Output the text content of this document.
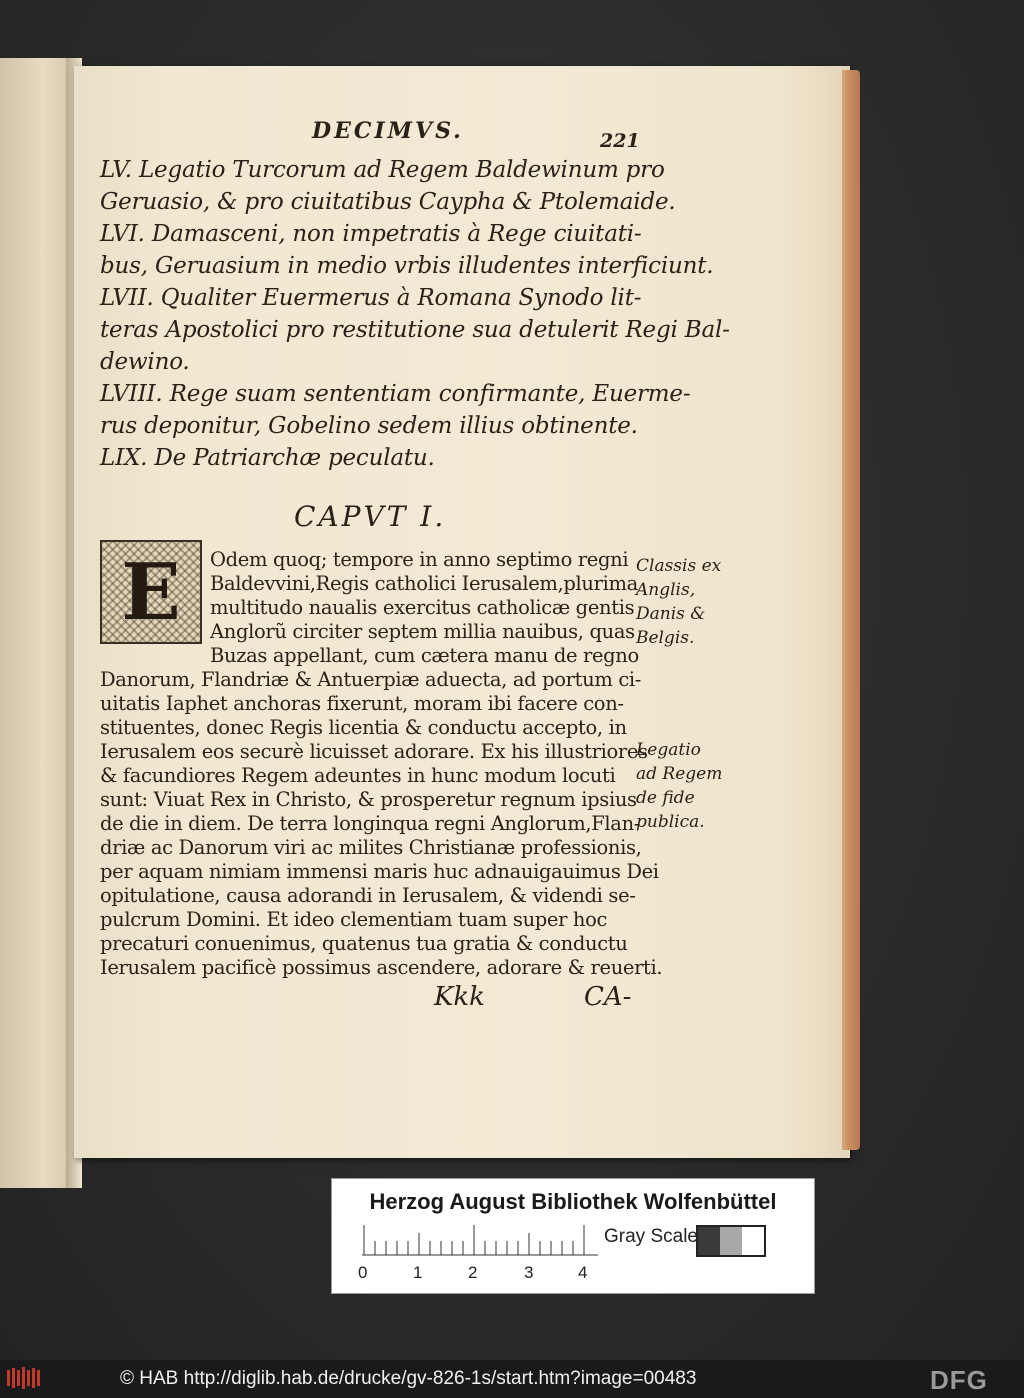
DECIMVS.	221
LV. Legatio Turcorum ad Regem Baldewinum pro
Geruasio, & pro ciuitatibus Caypha & Ptolemaide.
LVI. Damasceni, non impetratis à Rege ciuitati-
bus, Geruasium in medio vrbis illudentes interficiunt.
LVII. Qualiter Euermerus à Romana Synodo lit-
teras Apostolici pro restitutione sua detulerit Regi Bal-
dewino.
LVIII. Rege suam sententiam confirmante, Euerme-
rus deponitur, Gobelino sedem illius obtinente.
LIX. De Patriarchæ peculatu.
CAPVT I.
E	Odem quoq; tempore in anno septimo regni
Baldevvini,Regis catholici Ierusalem,plurima
multitudo naualis exercitus catholicæ gentis
Anglorũ circiter septem millia nauibus, quas
Buzas appellant, cum cætera manu de regno
Danorum, Flandriæ & Antuerpiæ aduecta, ad portum ci-
uitatis Iaphet anchoras fixerunt, moram ibi facere con-
stituentes, donec Regis licentia & conductu accepto, in
Ierusalem eos securè licuisset adorare. Ex his illustriores
& facundiores Regem adeuntes in hunc modum locuti
sunt: Viuat Rex in Christo, & prosperetur regnum ipsius
de die in diem. De terra longinqua regni Anglorum,Flan-
driæ ac Danorum viri ac milites Christianæ professionis,
per aquam nimiam immensi maris huc adnauigauimus Dei
opitulatione, causa adorandi in Ierusalem, & videndi se-
pulcrum Domini. Et ideo clementiam tuam super hoc
precaturi conuenimus, quatenus tua gratia & conductu
Ierusalem pacificè possimus ascendere, adorare & reuerti.
Classis ex
Anglis,
Danis &
Belgis.
Legatio
ad Regem
de fide
publica.
Kkk	CA-
Herzog August Bibliothek Wolfenbüttel
0	1	2	3	4
Gray Scale
© HAB http://diglib.hab.de/drucke/gv-826-1s/start.htm?image=00483	DFG
